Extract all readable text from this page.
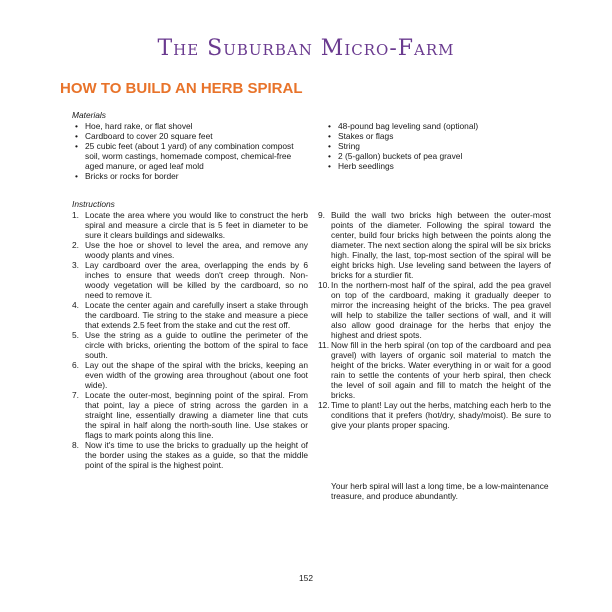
The Suburban Micro-Farm
HOW TO BUILD AN HERB SPIRAL
Materials
• Hoe, hard rake, or flat shovel
• Cardboard to cover 20 square feet
• 25 cubic feet (about 1 yard) of any combination compost soil, worm castings, homemade compost, chemical-free aged manure, or aged leaf mold
• Bricks or rocks for border
• 48-pound bag leveling sand (optional)
• Stakes or flags
• String
• 2 (5-gallon) buckets of pea gravel
• Herb seedlings
Instructions
1. Locate the area where you would like to construct the herb spiral and measure a circle that is 5 feet in diameter to be sure it clears buildings and sidewalks.
2. Use the hoe or shovel to level the area, and remove any woody plants and vines.
3. Lay cardboard over the area, overlapping the ends by 6 inches to ensure that weeds don't creep through. Non-woody vegetation will be killed by the cardboard, so no need to remove it.
4. Locate the center again and carefully insert a stake through the cardboard. Tie string to the stake and measure a piece that extends 2.5 feet from the stake and cut the rest off.
5. Use the string as a guide to outline the perimeter of the circle with bricks, orienting the bottom of the spiral to face south.
6. Lay out the shape of the spiral with the bricks, keeping an even width of the growing area throughout (about one foot wide).
7. Locate the outer-most, beginning point of the spiral. From that point, lay a piece of string across the garden in a straight line, essentially drawing a diameter line that cuts the spiral in half along the north-south line. Use stakes or flags to mark points along this line.
8. Now it's time to use the bricks to gradually up the height of the border using the stakes as a guide, so that the middle point of the spiral is the highest point.
9. Build the wall two bricks high between the outer-most points of the diameter. Following the spiral toward the center, build four bricks high between the points along the diameter. The next section along the spiral will be six bricks high. Finally, the last, top-most section of the spiral will be eight bricks high. Use leveling sand between the layers of bricks for a sturdier fit.
10. In the northern-most half of the spiral, add the pea gravel on top of the cardboard, making it gradually deeper to mirror the increasing height of the bricks. The pea gravel will help to stabilize the taller sections of wall, and it will also allow good drainage for the herbs that enjoy the highest and driest spots.
11. Now fill in the herb spiral (on top of the cardboard and pea gravel) with layers of organic soil material to match the height of the bricks. Water everything in or wait for a good rain to settle the contents of your herb spiral, then check the level of soil again and fill to match the height of the bricks.
12. Time to plant! Lay out the herbs, matching each herb to the conditions that it prefers (hot/dry, shady/moist). Be sure to give your plants proper spacing.
Your herb spiral will last a long time, be a low-maintenance treasure, and produce abundantly.
152
